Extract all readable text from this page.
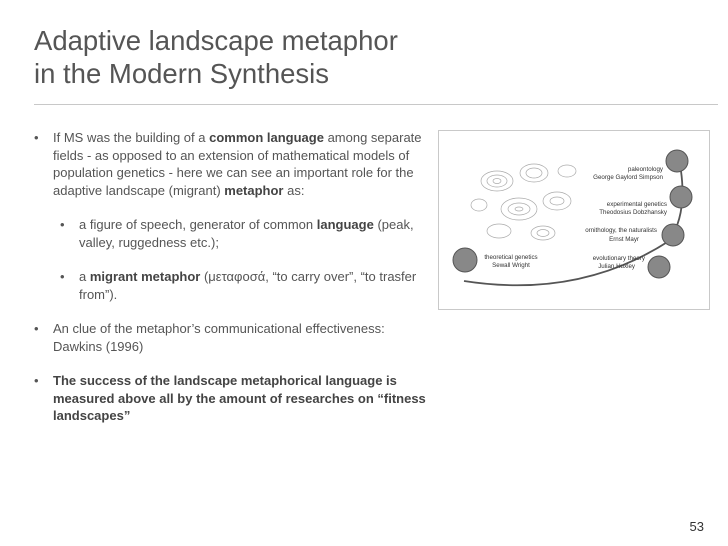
Adaptive landscape metaphor
in the Modern Synthesis
• If MS was the building of a common language among separate fields - as opposed to an extension of mathematical models of population genetics - here we can see an important role for the adaptive landscape (migrant) metaphor as:
• a figure of speech, generator of common language (peak, valley, ruggedness etc.);
• a migrant metaphor (μεταφοσά, “to carry over”, “to trasfer from”).
• An clue of the metaphor’s communicational effectiveness: Dawkins (1996)
• The success of the landscape metaphorical language is measured above all by the amount of researches on “fitness landscapes”
paleontology
George Gaylord Simpson
experimental genetics
Theodosius Dobzhansky
ornithology, the naturalists
Ernst Mayr
evolutionary theory
Julian Huxley
theoretical genetics
Sewall Wright
53
